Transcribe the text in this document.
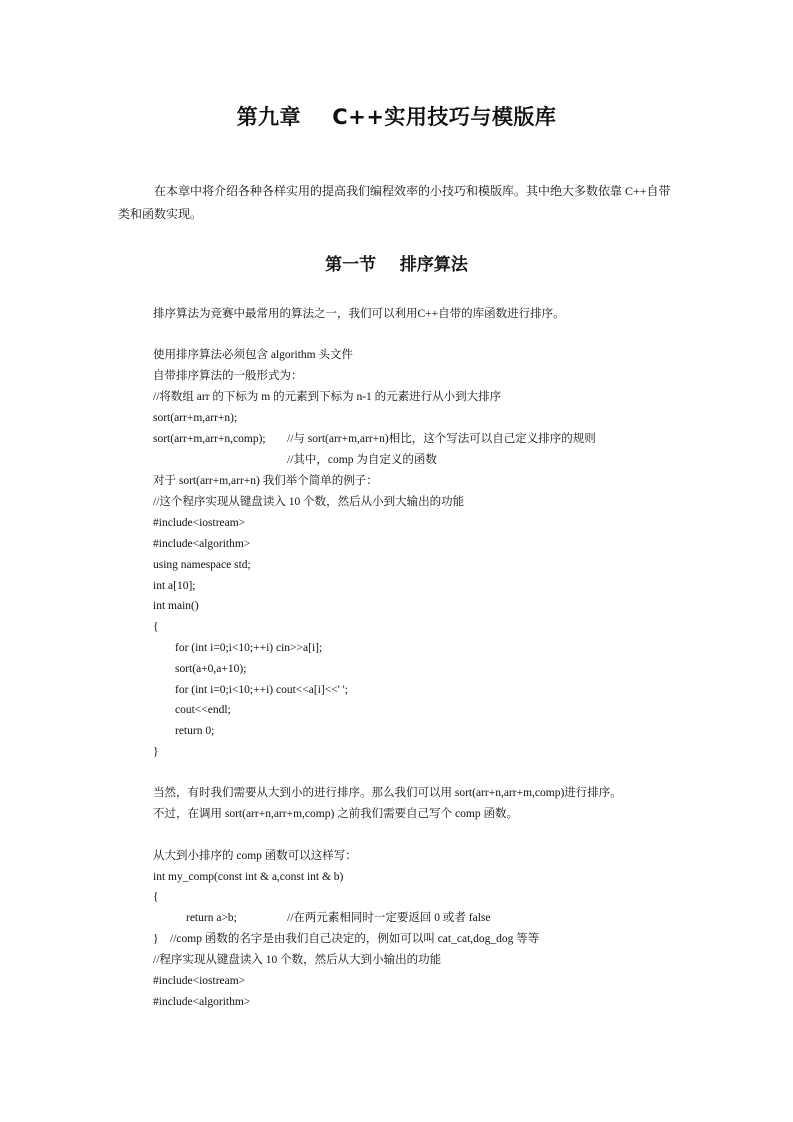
第九章    C++实用技巧与模版库
在本章中将介绍各种各样实用的提高我们编程效率的小技巧和模版库。其中绝大多数依靠 C++自带类和函数实现。
第一节    排序算法
排序算法为竞赛中最常用的算法之一，我们可以利用C++自带的库函数进行排序。
使用排序算法必须包含 algorithm 头文件
自带排序算法的一般形式为：
//将数组 arr 的下标为 m 的元素到下标为 n-1 的元素进行从小到大排序
sort(arr+m,arr+n);
sort(arr+m,arr+n,comp); //与 sort(arr+m,arr+n)相比，这个写法可以自己定义排序的规则
//其中，comp 为自定义的函数
对于 sort(arr+m,arr+n) 我们举个简单的例子：
//这个程序实现从键盘读入 10 个数，然后从小到大输出的功能
#include<iostream>
#include<algorithm>
using namespace std;
int a[10];
int main()
{
for (int i=0;i<10;++i) cin>>a[i];
sort(a+0,a+10);
for (int i=0;i<10;++i) cout<<a[i]<<' ';
cout<<endl;
return 0;
}
当然，有时我们需要从大到小的进行排序。那么我们可以用 sort(arr+n,arr+m,comp)进行排序。
不过，在调用 sort(arr+n,arr+m,comp) 之前我们需要自己写个 comp 函数。
从大到小排序的 comp 函数可以这样写：
int my_comp(const int & a,const int & b)
{
return a>b;	//在两元素相同时一定要返回 0 或者 false
}    //comp 函数的名字是由我们自己决定的，例如可以叫 cat_cat,dog_dog 等等
//程序实现从键盘读入 10 个数，然后从大到小输出的功能
#include<iostream>
#include<algorithm>
